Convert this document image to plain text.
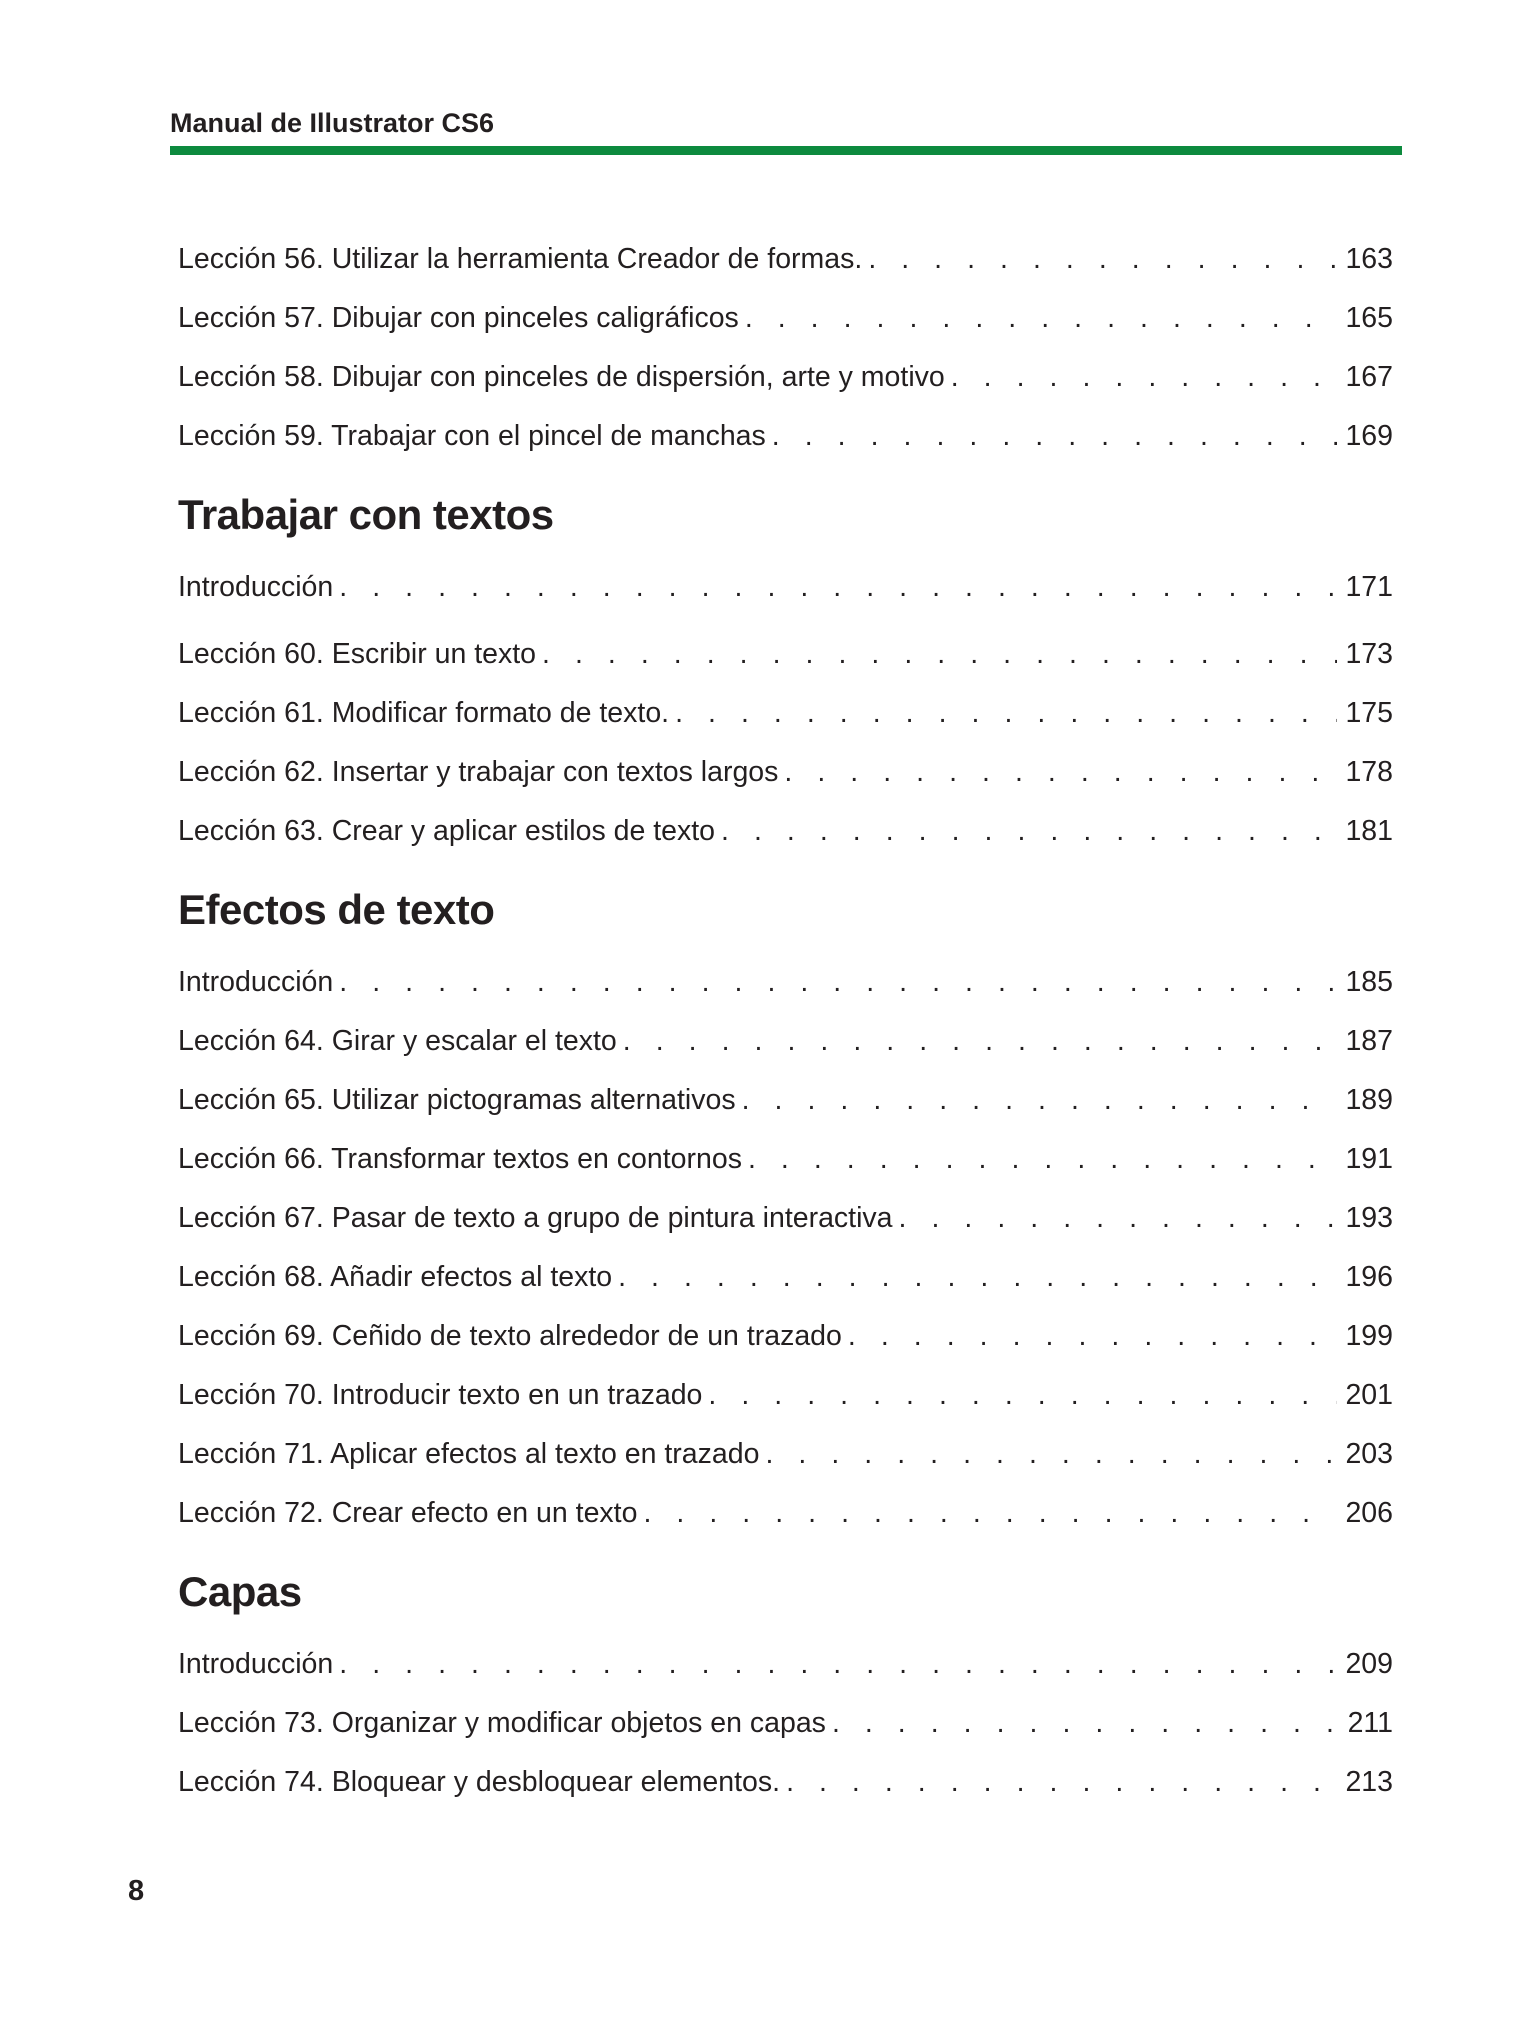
Manual de Illustrator CS6
Lección 56. Utilizar la herramienta Creador de formas. . . .	163
Lección 57. Dibujar con pinceles caligráficos . . .	165
Lección 58. Dibujar con pinceles de dispersión, arte y motivo . . .	167
Lección 59. Trabajar con el pincel de manchas . . .	169
Trabajar con textos
Introducción . . .	171
Lección 60. Escribir un texto . . .	173
Lección 61. Modificar formato de texto. . . .	175
Lección 62. Insertar y trabajar con textos largos . . .	178
Lección 63. Crear y aplicar estilos de texto . . .	181
Efectos de texto
Introducción . . .	185
Lección 64. Girar y escalar el texto . . .	187
Lección 65. Utilizar pictogramas alternativos . . .	189
Lección 66. Transformar textos en contornos . . .	191
Lección 67. Pasar de texto a grupo de pintura interactiva . . .	193
Lección 68. Añadir efectos al texto . . .	196
Lección 69. Ceñido de texto alrededor de un trazado . . .	199
Lección 70. Introducir texto en un trazado . . .	201
Lección 71. Aplicar efectos al texto en trazado . . .	203
Lección 72. Crear efecto en un texto . . .	206
Capas
Introducción . . .	209
Lección 73. Organizar y modificar objetos en capas . . .	211
Lección 74. Bloquear y desbloquear elementos. . . .	213
8
